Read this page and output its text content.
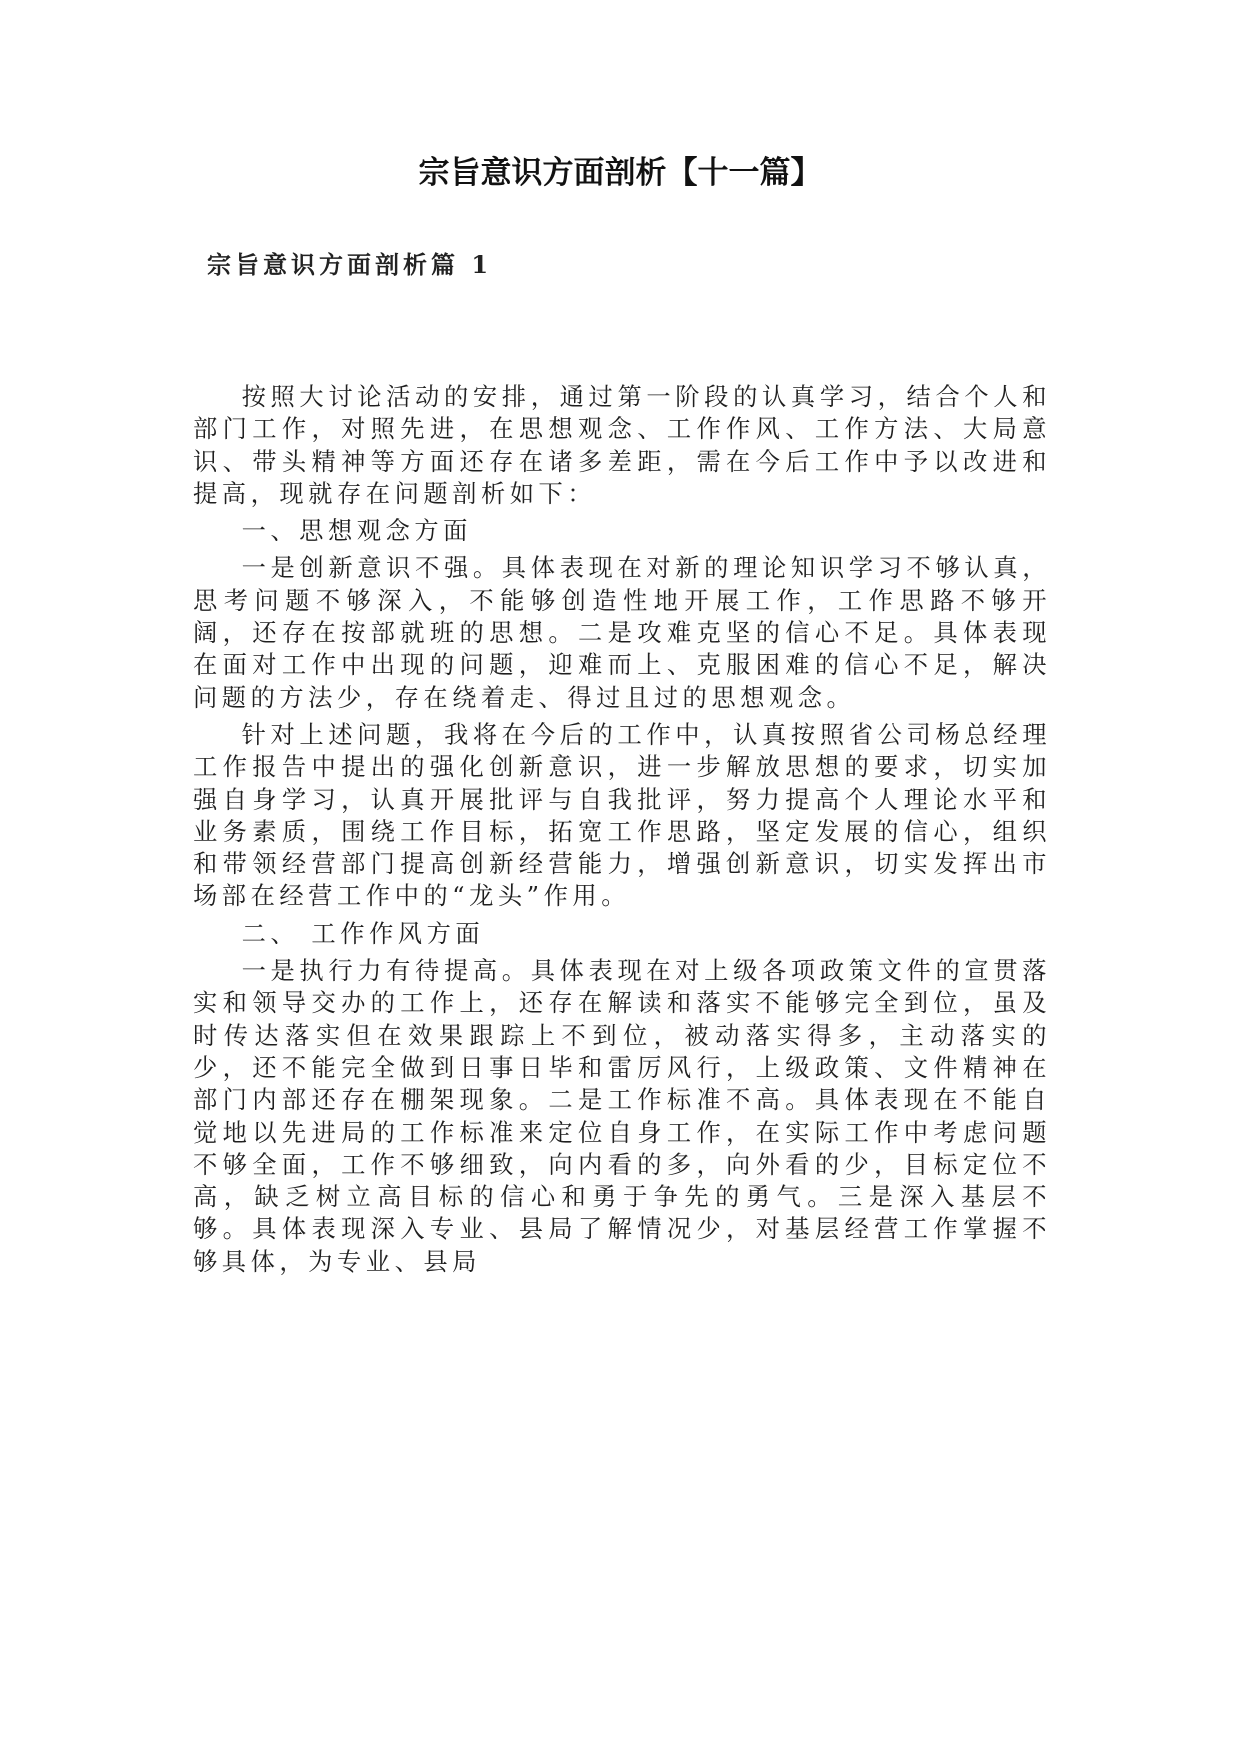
宗旨意识方面剖析【十一篇】
宗旨意识方面剖析篇 1

按照大讨论活动的安排，通过第一阶段的认真学习，结合个人和部门工作，对照先进，在思想观念、工作作风、工作方法、大局意识、带头精神等方面还存在诸多差距，需在今后工作中予以改进和提高，现就存在问题剖析如下：

一、思想观念方面

一是创新意识不强。具体表现在对新的理论知识学习不够认真，思考问题不够深入，不能够创造性地开展工作，工作思路不够开阔，还存在按部就班的思想。二是攻难克坚的信心不足。具体表现在面对工作中出现的问题，迎难而上、克服困难的信心不足，解决问题的方法少，存在绕着走、得过且过的思想观念。

针对上述问题，我将在今后的工作中，认真按照省公司杨总经理工作报告中提出的强化创新意识，进一步解放思想的要求，切实加强自身学习，认真开展批评与自我批评，努力提高个人理论水平和业务素质，围绕工作目标，拓宽工作思路，坚定发展的信心，组织和带领经营部门提高创新经营能力，增强创新意识，切实发挥出市场部在经营工作中的“龙头”作用。

二、 工作作风方面

一是执行力有待提高。具体表现在对上级各项政策文件的宣贯落实和领导交办的工作上，还存在解读和落实不能够完全到位，虽及时传达落实但在效果跟踪上不到位，被动落实得多，主动落实的少，还不能完全做到日事日毕和雷厉风行，上级政策、文件精神在部门内部还存在棚架现象。二是工作标准不高。具体表现在不能自觉地以先进局的工作标准来定位自身工作，在实际工作中考虑问题不够全面，工作不够细致，向内看的多，向外看的少，目标定位不高，缺乏树立高目标的信心和勇于争先的勇气。三是深入基层不够。具体表现深入专业、县局了解情况少，对基层经营工作掌握不够具体，为专业、县局
